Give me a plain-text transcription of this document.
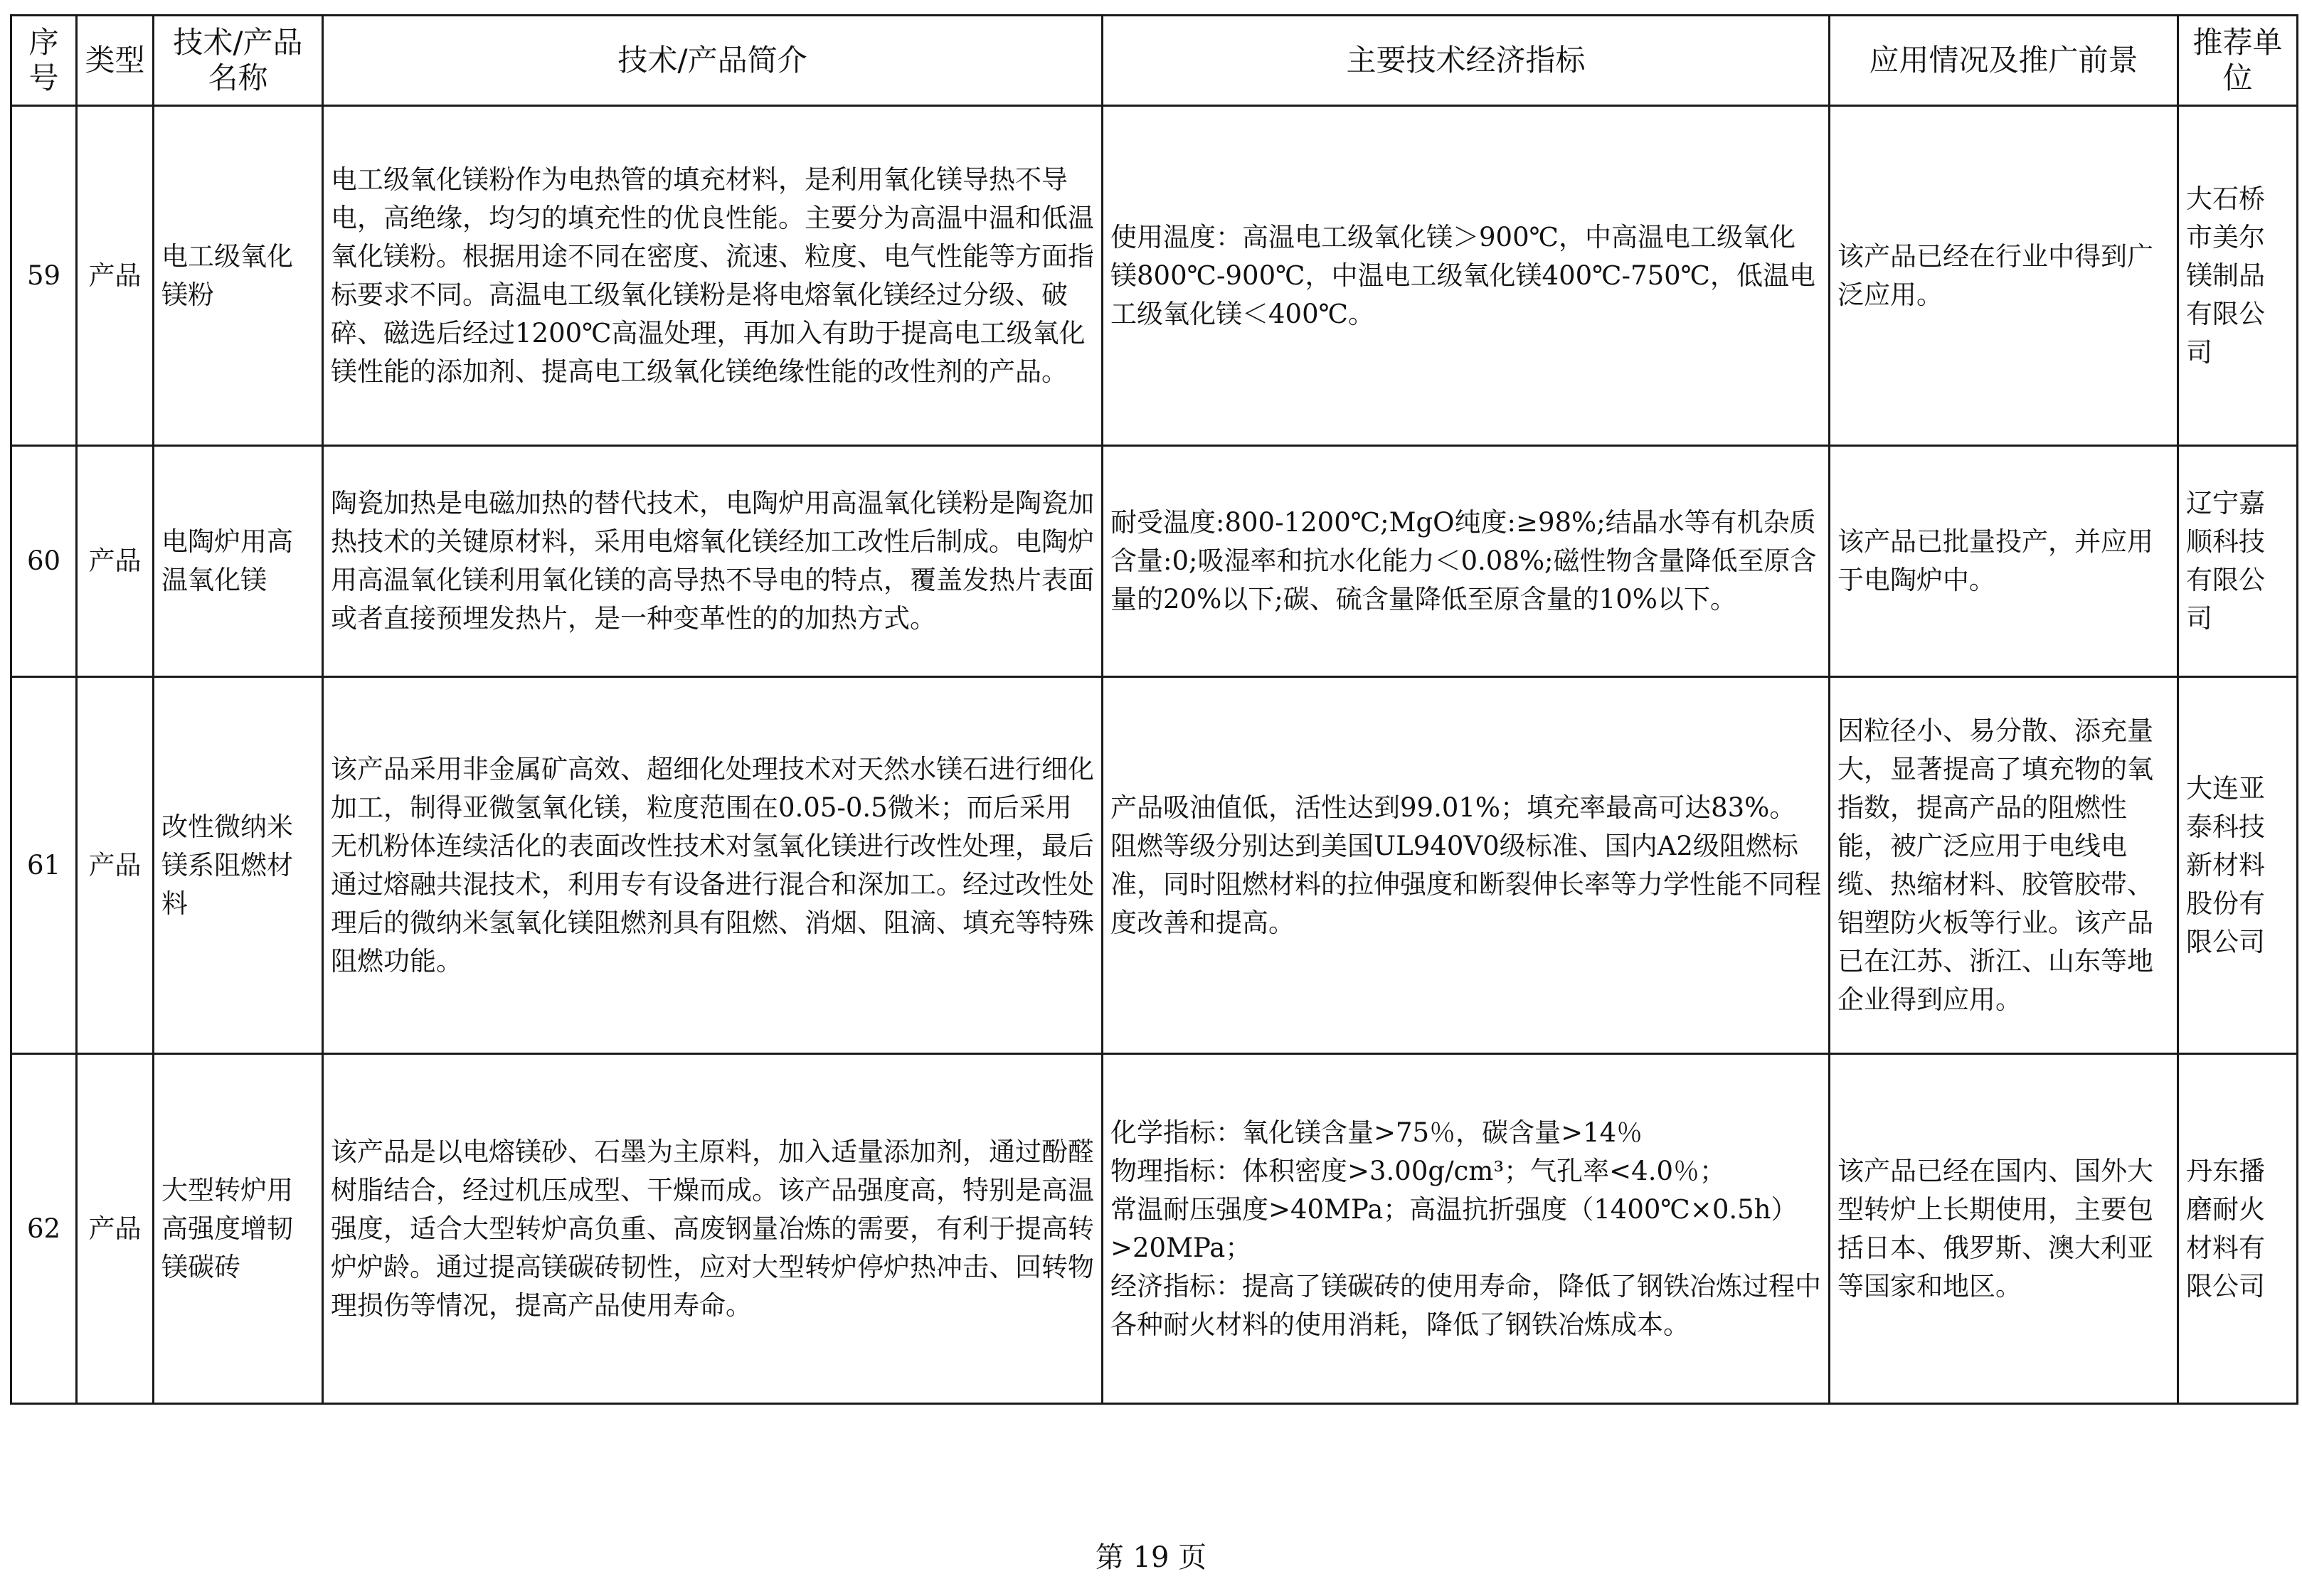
序号	类型	技术/产品名称	技术/产品简介	主要技术经济指标	应用情况及推广前景	推荐单位
59	产品	电工级氧化镁粉	电工级氧化镁粉作为电热管的填充材料，是利用氧化镁导热不导电，高绝缘，均匀的填充性的优良性能。主要分为高温中温和低温氧化镁粉。根据用途不同在密度、流速、粒度、电气性能等方面指标要求不同。高温电工级氧化镁粉是将电熔氧化镁经过分级、破碎、磁选后经过1200℃高温处理，再加入有助于提高电工级氧化镁性能的添加剂、提高电工级氧化镁绝缘性能的改性剂的产品。	使用温度：高温电工级氧化镁＞900℃，中高温电工级氧化镁800℃-900℃，中温电工级氧化镁400℃-750℃，低温电工级氧化镁＜400℃。	该产品已经在行业中得到广泛应用。	大石桥市美尔镁制品有限公司
60	产品	电陶炉用高温氧化镁	陶瓷加热是电磁加热的替代技术，电陶炉用高温氧化镁粉是陶瓷加热技术的关键原材料，采用电熔氧化镁经加工改性后制成。电陶炉用高温氧化镁利用氧化镁的高导热不导电的特点，覆盖发热片表面或者直接预埋发热片，是一种变革性的的加热方式。	耐受温度:800-1200℃;MgO纯度:≥98%;结晶水等有机杂质含量:0;吸湿率和抗水化能力＜0.08%;磁性物含量降低至原含量的20%以下;碳、硫含量降低至原含量的10%以下。	该产品已批量投产，并应用于电陶炉中。	辽宁嘉顺科技有限公司
61	产品	改性微纳米镁系阻燃材料	该产品采用非金属矿高效、超细化处理技术对天然水镁石进行细化加工，制得亚微氢氧化镁，粒度范围在0.05-0.5微米；而后采用无机粉体连续活化的表面改性技术对氢氧化镁进行改性处理，最后通过熔融共混技术，利用专有设备进行混合和深加工。经过改性处理后的微纳米氢氧化镁阻燃剂具有阻燃、消烟、阻滴、填充等特殊阻燃功能。	产品吸油值低，活性达到99.01%；填充率最高可达83%。阻燃等级分别达到美国UL940V0级标准、国内A2级阻燃标准，同时阻燃材料的拉伸强度和断裂伸长率等力学性能不同程度改善和提高。	因粒径小、易分散、添充量大，显著提高了填充物的氧指数，提高产品的阻燃性能，被广泛应用于电线电缆、热缩材料、胶管胶带、铝塑防火板等行业。该产品已在江苏、浙江、山东等地企业得到应用。	大连亚泰科技新材料股份有限公司
62	产品	大型转炉用高强度增韧镁碳砖	该产品是以电熔镁砂、石墨为主原料，加入适量添加剂，通过酚醛树脂结合，经过机压成型、干燥而成。该产品强度高，特别是高温强度，适合大型转炉高负重、高废钢量冶炼的需要，有利于提高转炉炉龄。通过提高镁碳砖韧性，应对大型转炉停炉热冲击、回转物理损伤等情况，提高产品使用寿命。	化学指标：氧化镁含量>75％，碳含量>14％
物理指标：体积密度>3.00g/cm³；气孔率<4.0％；
常温耐压强度>40MPa；高温抗折强度（1400℃×0.5h）>20MPa；
经济指标：提高了镁碳砖的使用寿命，降低了钢铁冶炼过程中各种耐火材料的使用消耗，降低了钢铁冶炼成本。	该产品已经在国内、国外大型转炉上长期使用，主要包括日本、俄罗斯、澳大利亚等国家和地区。	丹东播磨耐火材料有限公司
第 19 页
